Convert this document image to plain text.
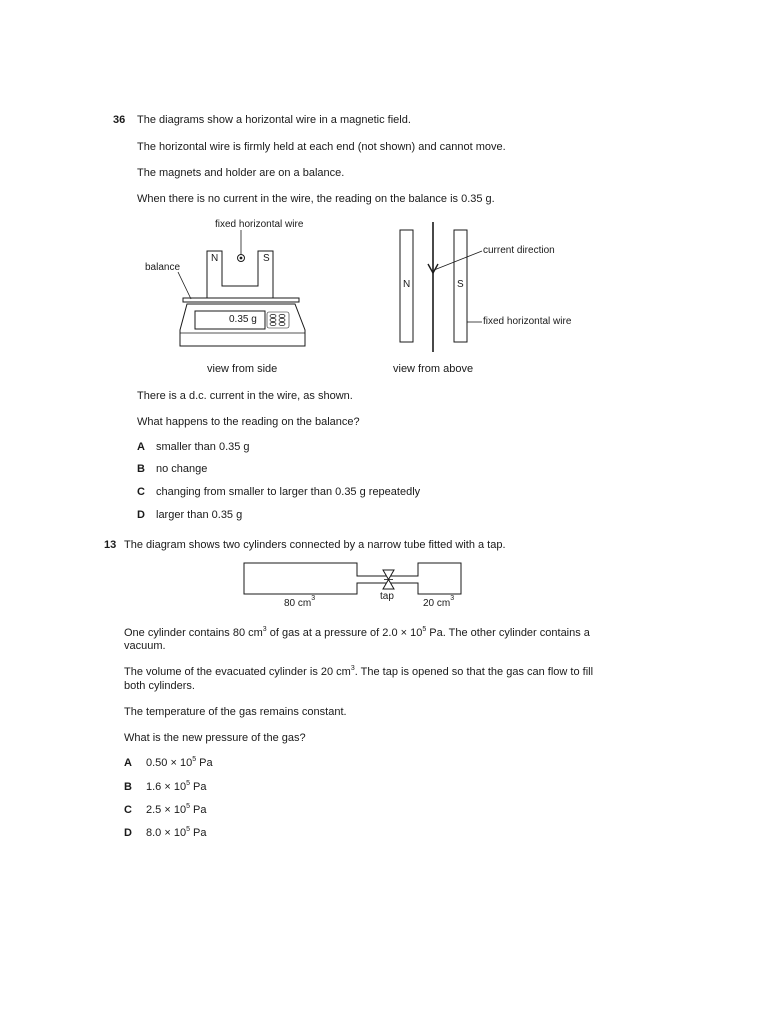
36 The diagrams show a horizontal wire in a magnetic field.
The horizontal wire is firmly held at each end (not shown) and cannot move.
The magnets and holder are on a balance.
When there is no current in the wire, the reading on the balance is 0.35 g.
fixed horizontal wire
balance
N	S
0.35 g
view from side
current direction
fixed horizontal wire
N	S
view from above
There is a d.c. current in the wire, as shown.
What happens to the reading on the balance?
A smaller than 0.35 g
B no change
C changing from smaller to larger than 0.35 g repeatedly
D larger than 0.35 g
13 The diagram shows two cylinders connected by a narrow tube fitted with a tap.
80 $cm^3$	tap
20 $cm^3$
One cylinder contains 80 $cm^3$ of gas at a pressure of $2.0 \times 10^5$ Pa. The other cylinder contains a
vacuum.
The volume of the evacuated cylinder is 20 $cm^3$. The tap is opened so that the gas can flow to fill
both cylinders.
The temperature of the gas remains constant.
What is the new pressure of the gas?
A $0.50 \times 10^5$ Pa
B $1.6 \times 10^5$ Pa
C $2.5 \times 10^5$ Pa
D $8.0 \times 10^5$ Pa
